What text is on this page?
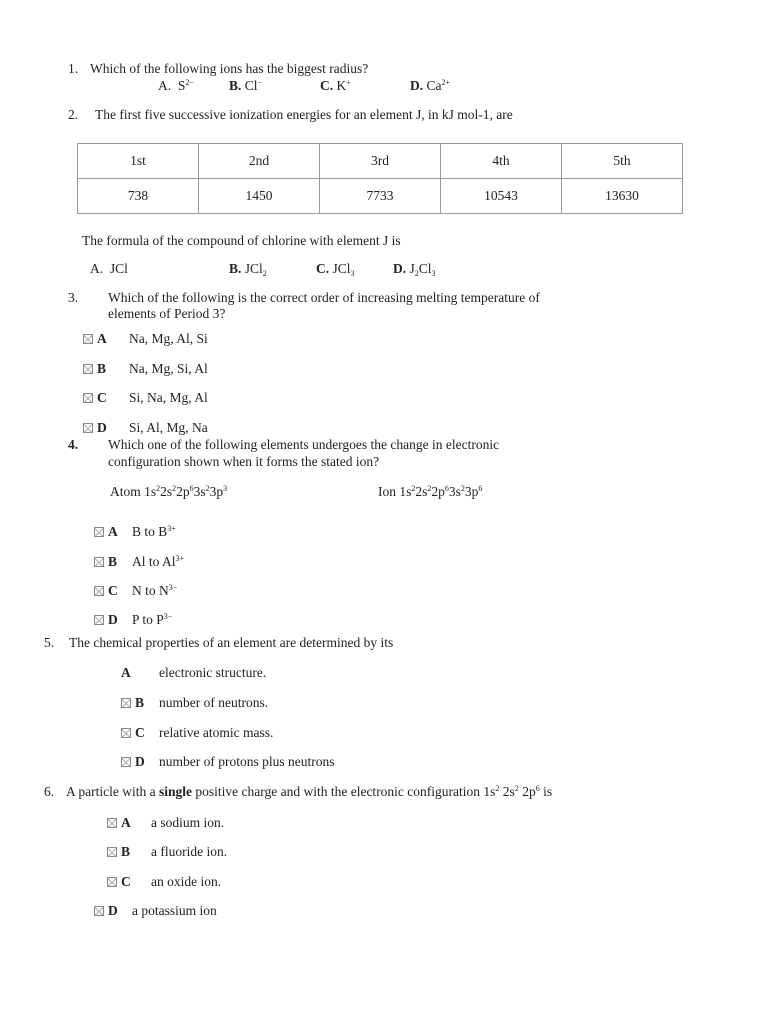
1. Which of the following ions has the biggest radius?
A. $S^{2-}$	B. Cl−	C. K+	D. $Ca^{2+}$
2. The first five successive ionization energies for an element J, in kJ mol-1, are
1st	2nd	3rd	4th	5th
738	1450	7733	10543	13630
The formula of the compound of chlorine with element J is
A. JCl	B. JCl$_2$	C. JCl$_3$	D. $J_2Cl_3$
3. Which of the following is the correct order of increasing melting temperature of
elements of Period 3?
A Na, Mg, Al, Si
B Na, Mg, Si, Al
C Si, Na, Mg, Al
D Si, Al, Mg, Na
4. Which one of the following elements undergoes the change in electronic
configuration shown when it forms the stated ion?
Atom $1s^22s^22p^63s^23p^3$	Ion $1s^22s^22p^63s^23p^6$
A B to $B^{3+}$
B Al to $Al^{3+}$
C N to $N^{3-}$
D P to $P^{3-}$
5. The chemical properties of an element are determined by its
A electronic structure.
B number of neutrons.
C relative atomic mass.
D number of protons plus neutrons
6. A particle with a single positive charge and with the electronic configuration $1s^2$ $2s^2$ $2p^6$ is
A a sodium ion.
B a fluoride ion.
C an oxide ion.
D a potassium ion
